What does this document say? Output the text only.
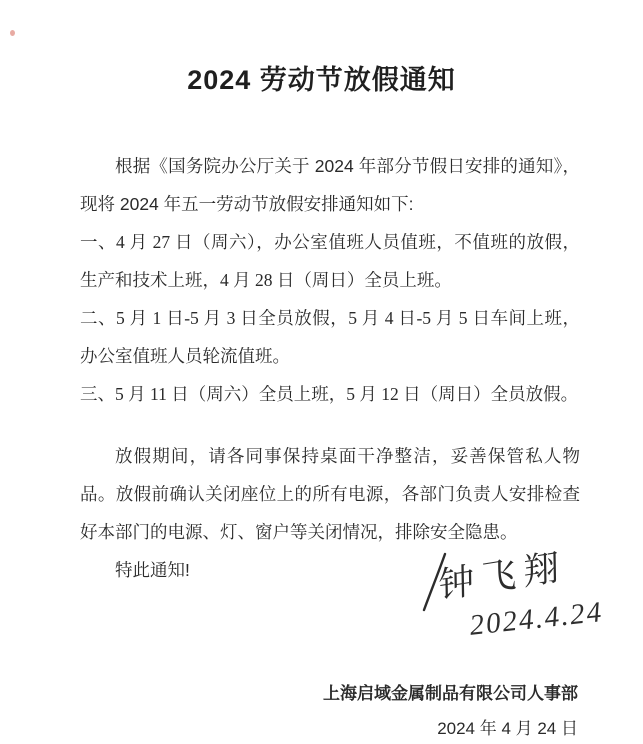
2024 劳动节放假通知

根据《国务院办公厅关于 2024 年部分节假日安排的通知》，现将 2024 年五一劳动节放假安排通知如下:

一、4 月 27 日（周六），办公室值班人员值班，不值班的放假，生产和技术上班，4 月 28 日（周日）全员上班。

二、5 月 1 日-5 月 3 日全员放假，5 月 4 日-5 月 5 日车间上班，办公室值班人员轮流值班。

三、5 月 11 日（周六）全员上班，5 月 12 日（周日）全员放假。

放假期间，请各同事保持桌面干净整洁，妥善保管私人物品。放假前确认关闭座位上的所有电源，各部门负责人安排检查好本部门的电源、灯、窗户等关闭情况，排除安全隐患。

特此通知!	钟飞翔
2024.4.24
上海启域金属制品有限公司人事部
2024 年 4 月 24 日
